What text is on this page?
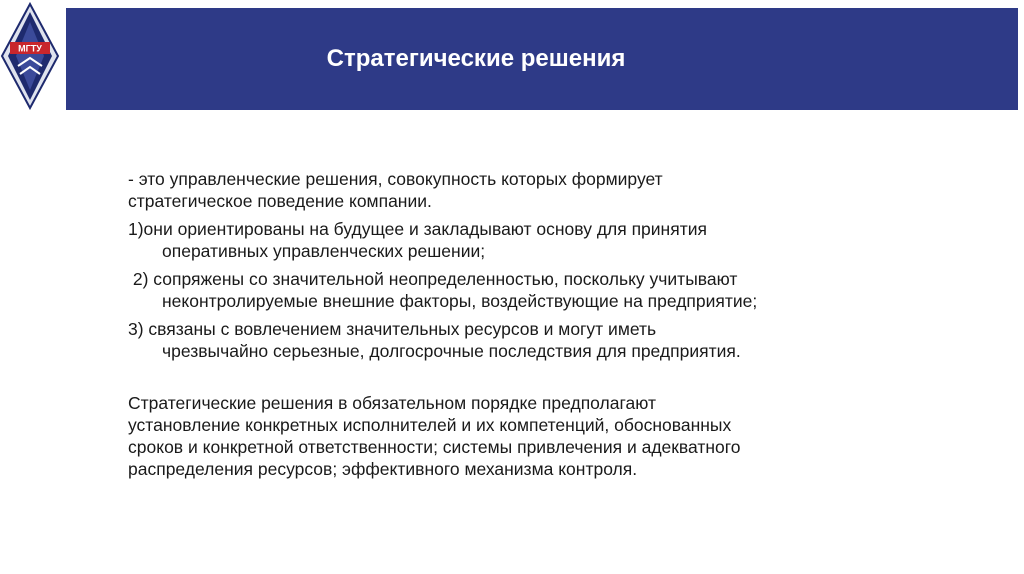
МГТУ	Стратегические решения

- это управленческие решения, совокупность которых формирует
стратегическое поведение компании.

1)они ориентированы на будущее и закладывают основу для принятия
оперативных управленческих решении;

2) сопряжены со значительной неопределенностью, поскольку учитывают
неконтролируемые внешние факторы, воздействующие на предприятие;

3) связаны с вовлечением значительных ресурсов и могут иметь
чрезвычайно серьезные, долгосрочные последствия для предприятия.

Стратегические решения в обязательном порядке предполагают
установление конкретных исполнителей и их компетенций, обоснованных
сроков и конкретной ответственности; системы привлечения и адекватного
распределения ресурсов; эффективного механизма контроля.
